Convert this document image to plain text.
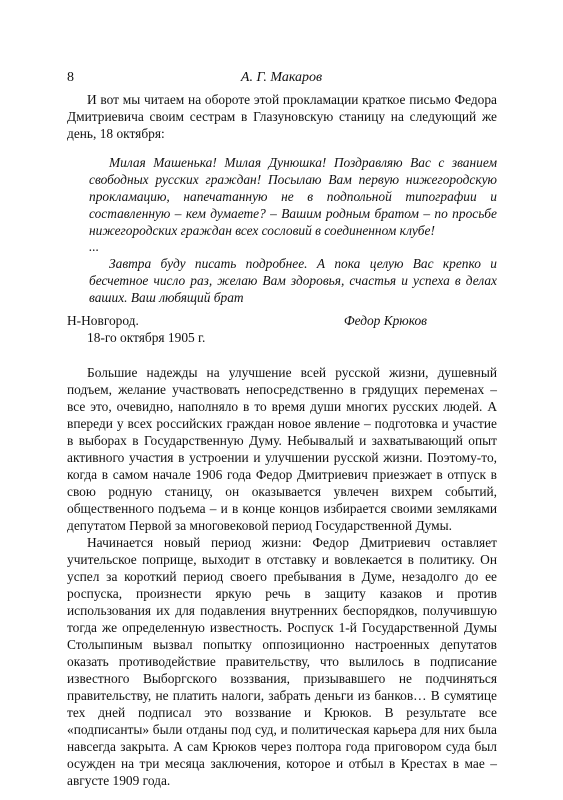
8	А. Г. Макаров

И вот мы читаем на обороте этой прокламации краткое письмо Федора Дмитриевича своим сестрам в Глазуновскую станицу на следующий же день, 18 октября:

Милая Машенька! Милая Дунюшка! Поздравляю Вас с званием свободных русских граждан! Посылаю Вам первую нижегородскую прокламацию, напечатанную не в подпольной типографии и составленную – кем думаете? – Вашим родным братом – по просьбе нижегородских граждан всех сословий в соединенном клубе!

...

Завтра буду писать подробнее. А пока целую Вас крепко и бесчетное число раз, желаю Вам здоровья, счастья и успеха в делах ваших. Ваш любящий брат

Н-Новгород.	Федор Крюков

18-го октября 1905 г.

Большие надежды на улучшение всей русской жизни, душевный подъем, желание участвовать непосредственно в грядущих переменах – все это, очевидно, наполняло в то время души многих русских людей. А впереди у всех российских граждан новое явление – подготовка и участие в выборах в Государственную Думу. Небывалый и захватывающий опыт активного участия в устроении и улучшении русской жизни. Поэтому-то, когда в самом начале 1906 года Федор Дмитриевич приезжает в отпуск в свою родную станицу, он оказывается увлечен вихрем событий, общественного подъема – и в конце концов избирается своими земляками депутатом Первой за многовековой период Государственной Думы.

Начинается новый период жизни: Федор Дмитриевич оставляет учительское поприще, выходит в отставку и вовлекается в политику. Он успел за короткий период своего пребывания в Думе, незадолго до ее роспуска, произнести яркую речь в защиту казаков и против использования их для подавления внутренних беспорядков, получившую тогда же определенную известность. Роспуск 1-й Государственной Думы Столыпиным вызвал попытку оппозиционно настроенных депутатов оказать противодействие правительству, что вылилось в подписание известного Выборгского воззвания, призывавшего не подчиняться правительству, не платить налоги, забрать деньги из банков… В сумятице тех дней подписал это воззвание и Крюков. В результате все «подписанты» были отданы под суд, и политическая карьера для них была навсегда закрыта. А сам Крюков через полтора года приговором суда был осужден на три месяца заключения, которое и отбыл в Крестах в мае – августе 1909 года.
